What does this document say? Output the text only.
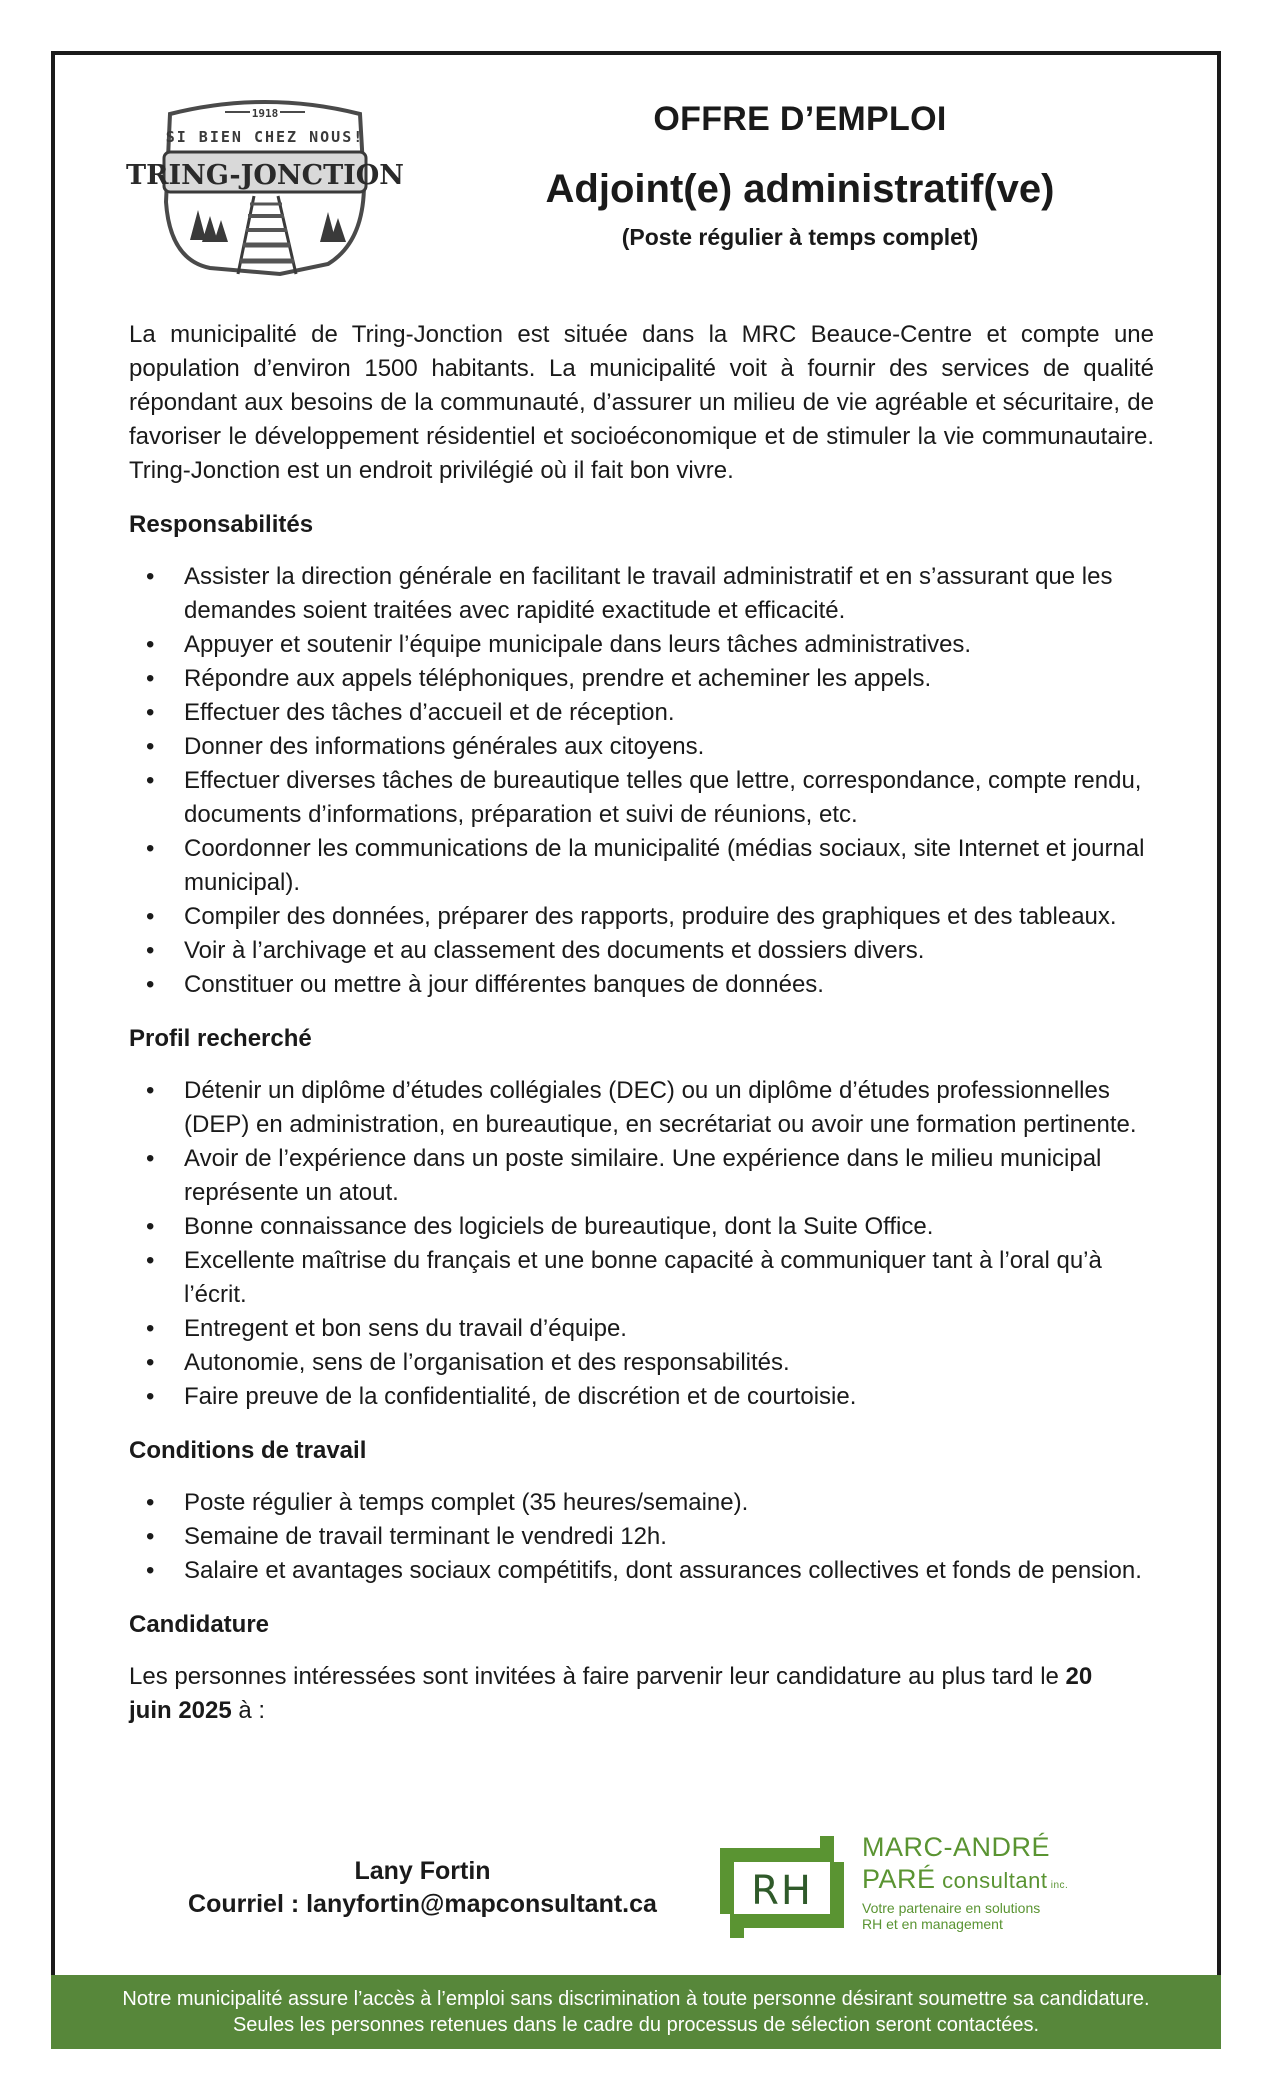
1918
SI BIEN CHEZ NOUS!
TRING-JONCTION

OFFRE D’EMPLOI

Adjoint(e) administratif(ve)

(Poste régulier à temps complet)

La municipalité de Tring-Jonction est située dans la MRC Beauce-Centre et compte une population d’environ 1500 habitants. La municipalité voit à fournir des services de qualité répondant aux besoins de la communauté, d’assurer un milieu de vie agréable et sécuritaire, de favoriser le développement résidentiel et socioéconomique et de stimuler la vie communautaire. Tring-Jonction est un endroit privilégié où il fait bon vivre.

Responsabilités

• Assister la direction générale en facilitant le travail administratif et en s’assurant que les demandes soient traitées avec rapidité exactitude et efficacité.
• Appuyer et soutenir l’équipe municipale dans leurs tâches administratives.
• Répondre aux appels téléphoniques, prendre et acheminer les appels.
• Effectuer des tâches d’accueil et de réception.
• Donner des informations générales aux citoyens.
• Effectuer diverses tâches de bureautique telles que lettre, correspondance, compte rendu, documents d’informations, préparation et suivi de réunions, etc.
• Coordonner les communications de la municipalité (médias sociaux, site Internet et journal municipal).
• Compiler des données, préparer des rapports, produire des graphiques et des tableaux.
• Voir à l’archivage et au classement des documents et dossiers divers.
• Constituer ou mettre à jour différentes banques de données.

Profil recherché

• Détenir un diplôme d’études collégiales (DEC) ou un diplôme d’études professionnelles (DEP) en administration, en bureautique, en secrétariat ou avoir une formation pertinente.
• Avoir de l’expérience dans un poste similaire. Une expérience dans le milieu municipal représente un atout.
• Bonne connaissance des logiciels de bureautique, dont la Suite Office.
• Excellente maîtrise du français et une bonne capacité à communiquer tant à l’oral qu’à l’écrit.
• Entregent et bon sens du travail d’équipe.
• Autonomie, sens de l’organisation et des responsabilités.
• Faire preuve de la confidentialité, de discrétion et de courtoisie.

Conditions de travail

• Poste régulier à temps complet (35 heures/semaine).
• Semaine de travail terminant le vendredi 12h.
• Salaire et avantages sociaux compétitifs, dont assurances collectives et fonds de pension.

Candidature

Les personnes intéressées sont invitées à faire parvenir leur candidature au plus tard le 20 juin 2025 à :

Lany Fortin
Courriel : lanyfortin@mapconsultant.ca	RH
MARC-ANDRÉ
PARÉ consultant inc.
Votre partenaire en solutions
RH et en management
Notre municipalité assure l’accès à l’emploi sans discrimination à toute personne désirant soumettre sa candidature.
Seules les personnes retenues dans le cadre du processus de sélection seront contactées.
